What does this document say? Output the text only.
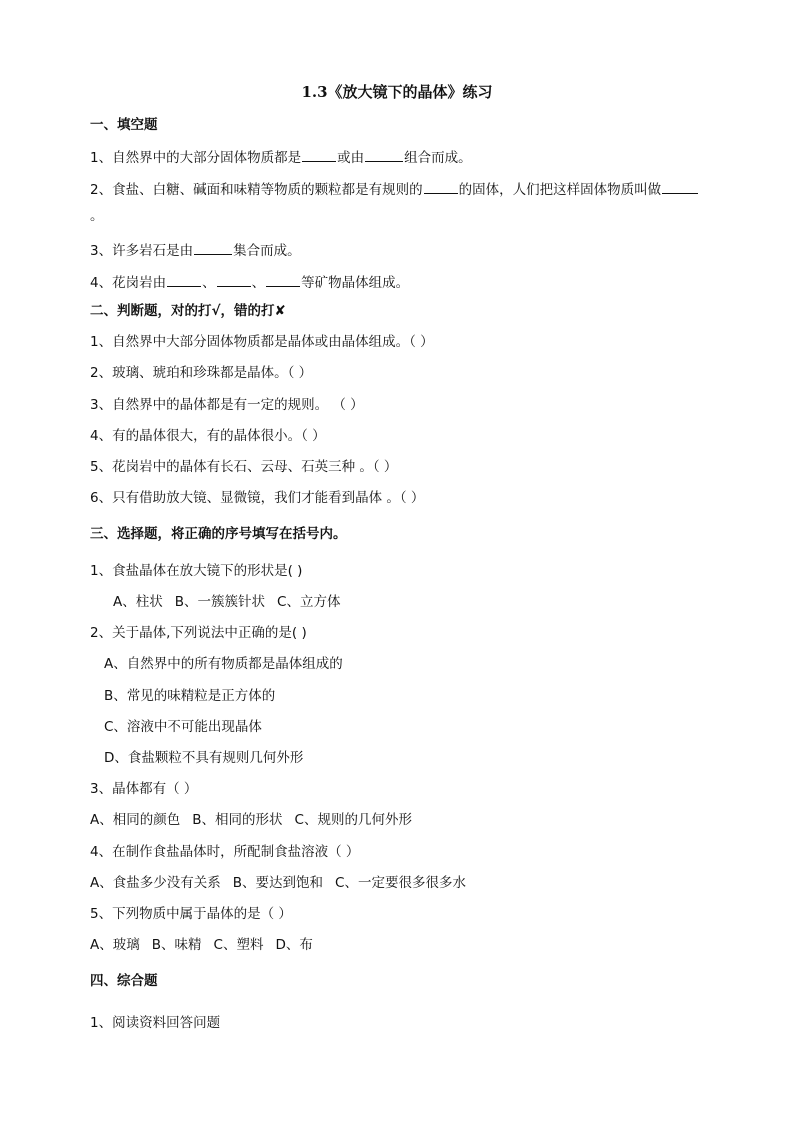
1.3《放大镜下的晶体》练习
一、填空题
1、自然界中的大部分固体物质都是	或由	组合而成。
2、食盐、白糖、碱面和味精等物质的颗粒都是有规则的	的固体，人们把这样固体物质叫做
。
3、许多岩石是由	集合而成。
4、花岗岩由	、	、	等矿物晶体组成。
二、判断题，对的打√，错的打✘
1、自然界中大部分固体物质都是晶体或由晶体组成。（ ）
2、玻璃、琥珀和珍珠都是晶体。（ ）
3、自然界中的晶体都是有一定的规则。 （ ）
4、有的晶体很大，有的晶体很小。（ ）
5、花岗岩中的晶体有长石、云母、石英三种 。（ ）
6、只有借助放大镜、显微镜，我们才能看到晶体 。（ ）
三、选择题，将正确的序号填写在括号内。
1、食盐晶体在放大镜下的形状是( )
A、柱状 B、一簇簇针状 C、立方体
2、关于晶体,下列说法中正确的是( )
A、自然界中的所有物质都是晶体组成的
B、常见的味精粒是正方体的
C、溶液中不可能出现晶体
D、食盐颗粒不具有规则几何外形
3、晶体都有（ ）
A、相同的颜色 B、相同的形状 C、规则的几何外形
4、在制作食盐晶体时，所配制食盐溶液（ ）
A、食盐多少没有关系 B、要达到饱和 C、一定要很多很多水
5、下列物质中属于晶体的是（ ）
A、玻璃 B、味精 C、塑料 D、布
四、综合题
1、阅读资料回答问题
